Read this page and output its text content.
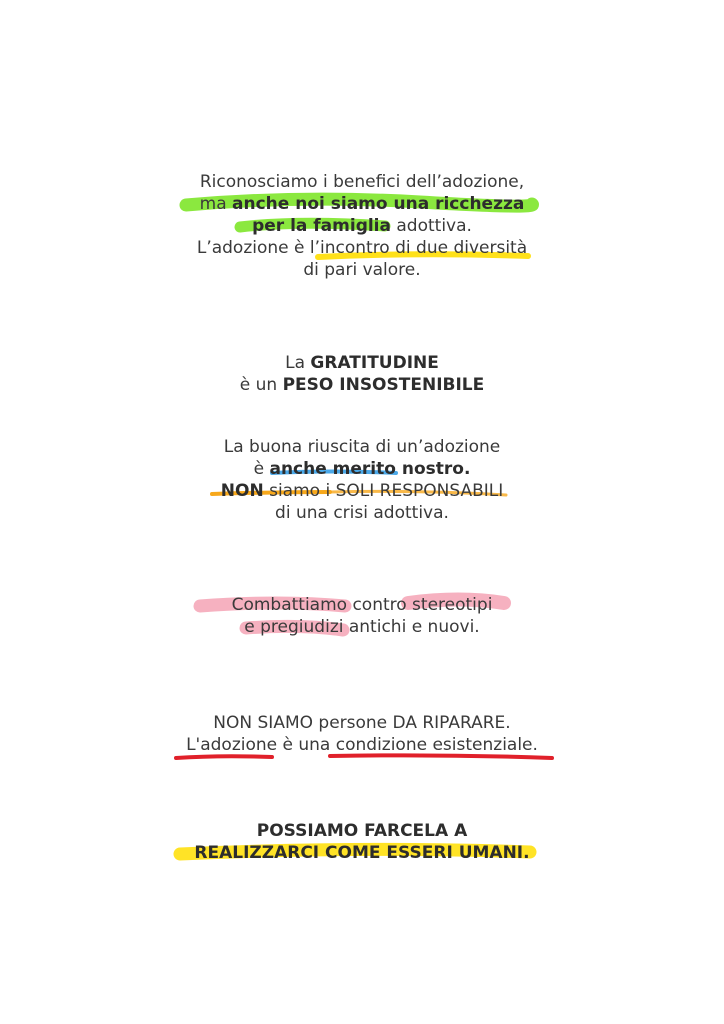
Riconosciamo i benefici dell’adozione,

ma anche noi siamo una ricchezza

per la famiglia adottiva.

L’adozione è l’incontro di due diversità

di pari valore.

La GRATITUDINE

è un PESO INSOSTENIBILE

La buona riuscita di un’adozione

è anche merito nostro.

NON siamo i SOLI RESPONSABILI

di una crisi adottiva.

Combattiamo contro stereotipi

e pregiudizi antichi e nuovi.

NON SIAMO persone DA RIPARARE.

L'adozione è una condizione esistenziale.

POSSIAMO FARCELA A

REALIZZARCI COME ESSERI UMANI.
